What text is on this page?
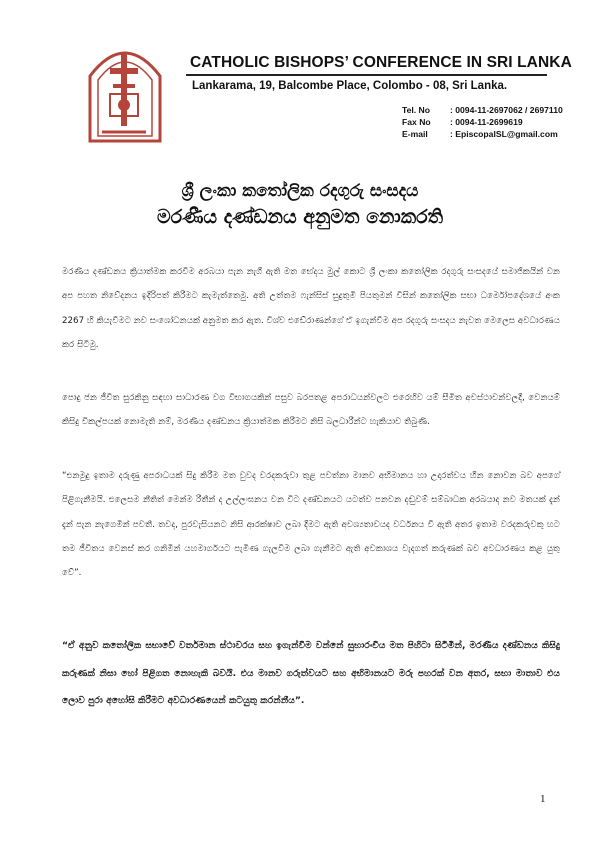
CATHOLIC BISHOPS’ CONFERENCE IN SRI LANKA
Lankarama, 19, Balcombe Place, Colombo - 08, Sri Lanka.
Tel. No : 0094-11-2697062 / 2697110
Fax No : 0094-11-2699619
E-mail	: EpiscopalSL@gmail.com
ශ්‍රී ලංකා කතෝලික රදගුරු සංසදය
මරණීය දණ්ඩනය අනුමත නොකරති
මරණීය දණ්ඩනය ක්‍රියාත්මක කරවීම අරබයා පැන නැගී ඇති මත භේදය මුල් කොට ශ්‍රී ලංකා කතෝලික රදගුරු සංසදයේ සමාජිකයින් වන අප පහත නිවේදනය ඉදිරිපත් කිරීමට කැමැත්තෙමු. අති උත්තම ෆැන්සිස් සුදුතුමි පියතුමන් විසින් කතෝලික සභා ධර්මෝපදේශයේ අංක 2267 හි කියැවීමට නව සංශෝධනයක් අනුමත කර ඇත. විශ්ව එඩේරාණන්ගේ ඒ ඉගැන්වීම අප රදගුරු සංසදය නැවත මෙලෙස අවධාරණය කර සිටිමු.
පොදු ජන ජීවිත සුරකිනු සඳහා සාධාරණ වග විභාගයකින් පසුව බරපතළ අපරාධයන්වලට එරෙහිව යම් සීමිත අවස්ථාවන්වලදී, වෙනයම් කිසිදු විකල්පයක් නොමැති නම්, මරණීය දණ්ඩනය ක්‍රියාත්මක කිරීමට නිසි බලධාරීන්ට හැකියාව තිබුණි.
“එනමුදු ඉතාම දරුණු අපරාධයක් සිදු කිරීම මත වුවද වරදකරුවා තුළ පවත්නා මානව අභිමානය හා උදාරත්වය හීන නොවන බව අපගේ පිළිගැනීමයි. එලෙසම නීතිත් මෙන්ම රීතීන් ද උල්ලංඝනය වන විට දණ්ඩනයට යටත්ව පනවන දඬුවම් සම්බාධක අරබයාද නව මතයක් දැන් දැන් පැන නැගෙමින් පවතී. තවද, පුරවැසියනට නිසි ආරක්ෂාව ලබා දීමට ඇති අවශ්‍යතාවයද වර්ධනය වී ඇති අතර ඉතාම වරදකරුවකු හට තම ජීවිතය වෙනස් කර ගනිමින් යහමාර්ගයට පැමිණ ගැලවීම ලබා ගැනීමට ඇති අවකාශය වැදගත් කරුණක් බව අවධාරණය කළ යුතු වේ”.
“ඒ අනුව කතෝලික සභාවේ වර්තමාන ස්ථාවරය සහ ඉගැන්වීම වන්නේ සුභාරංචිය මත පිහිටා සිටිමින්, මරණීය දණ්ඩනය කිසිදු කරුණක් නිසා හෝ පිළිගත නොහැකි බවයි. එය මානව ගරුත්වයට සහ අභිමානයට මරු පහරක් වන අතර, සභා මාතාව එය ලොව පුරා අහෝසි කිරීමට අවධාරණයෙන් කටයුතු කරන්නීය”.
1
